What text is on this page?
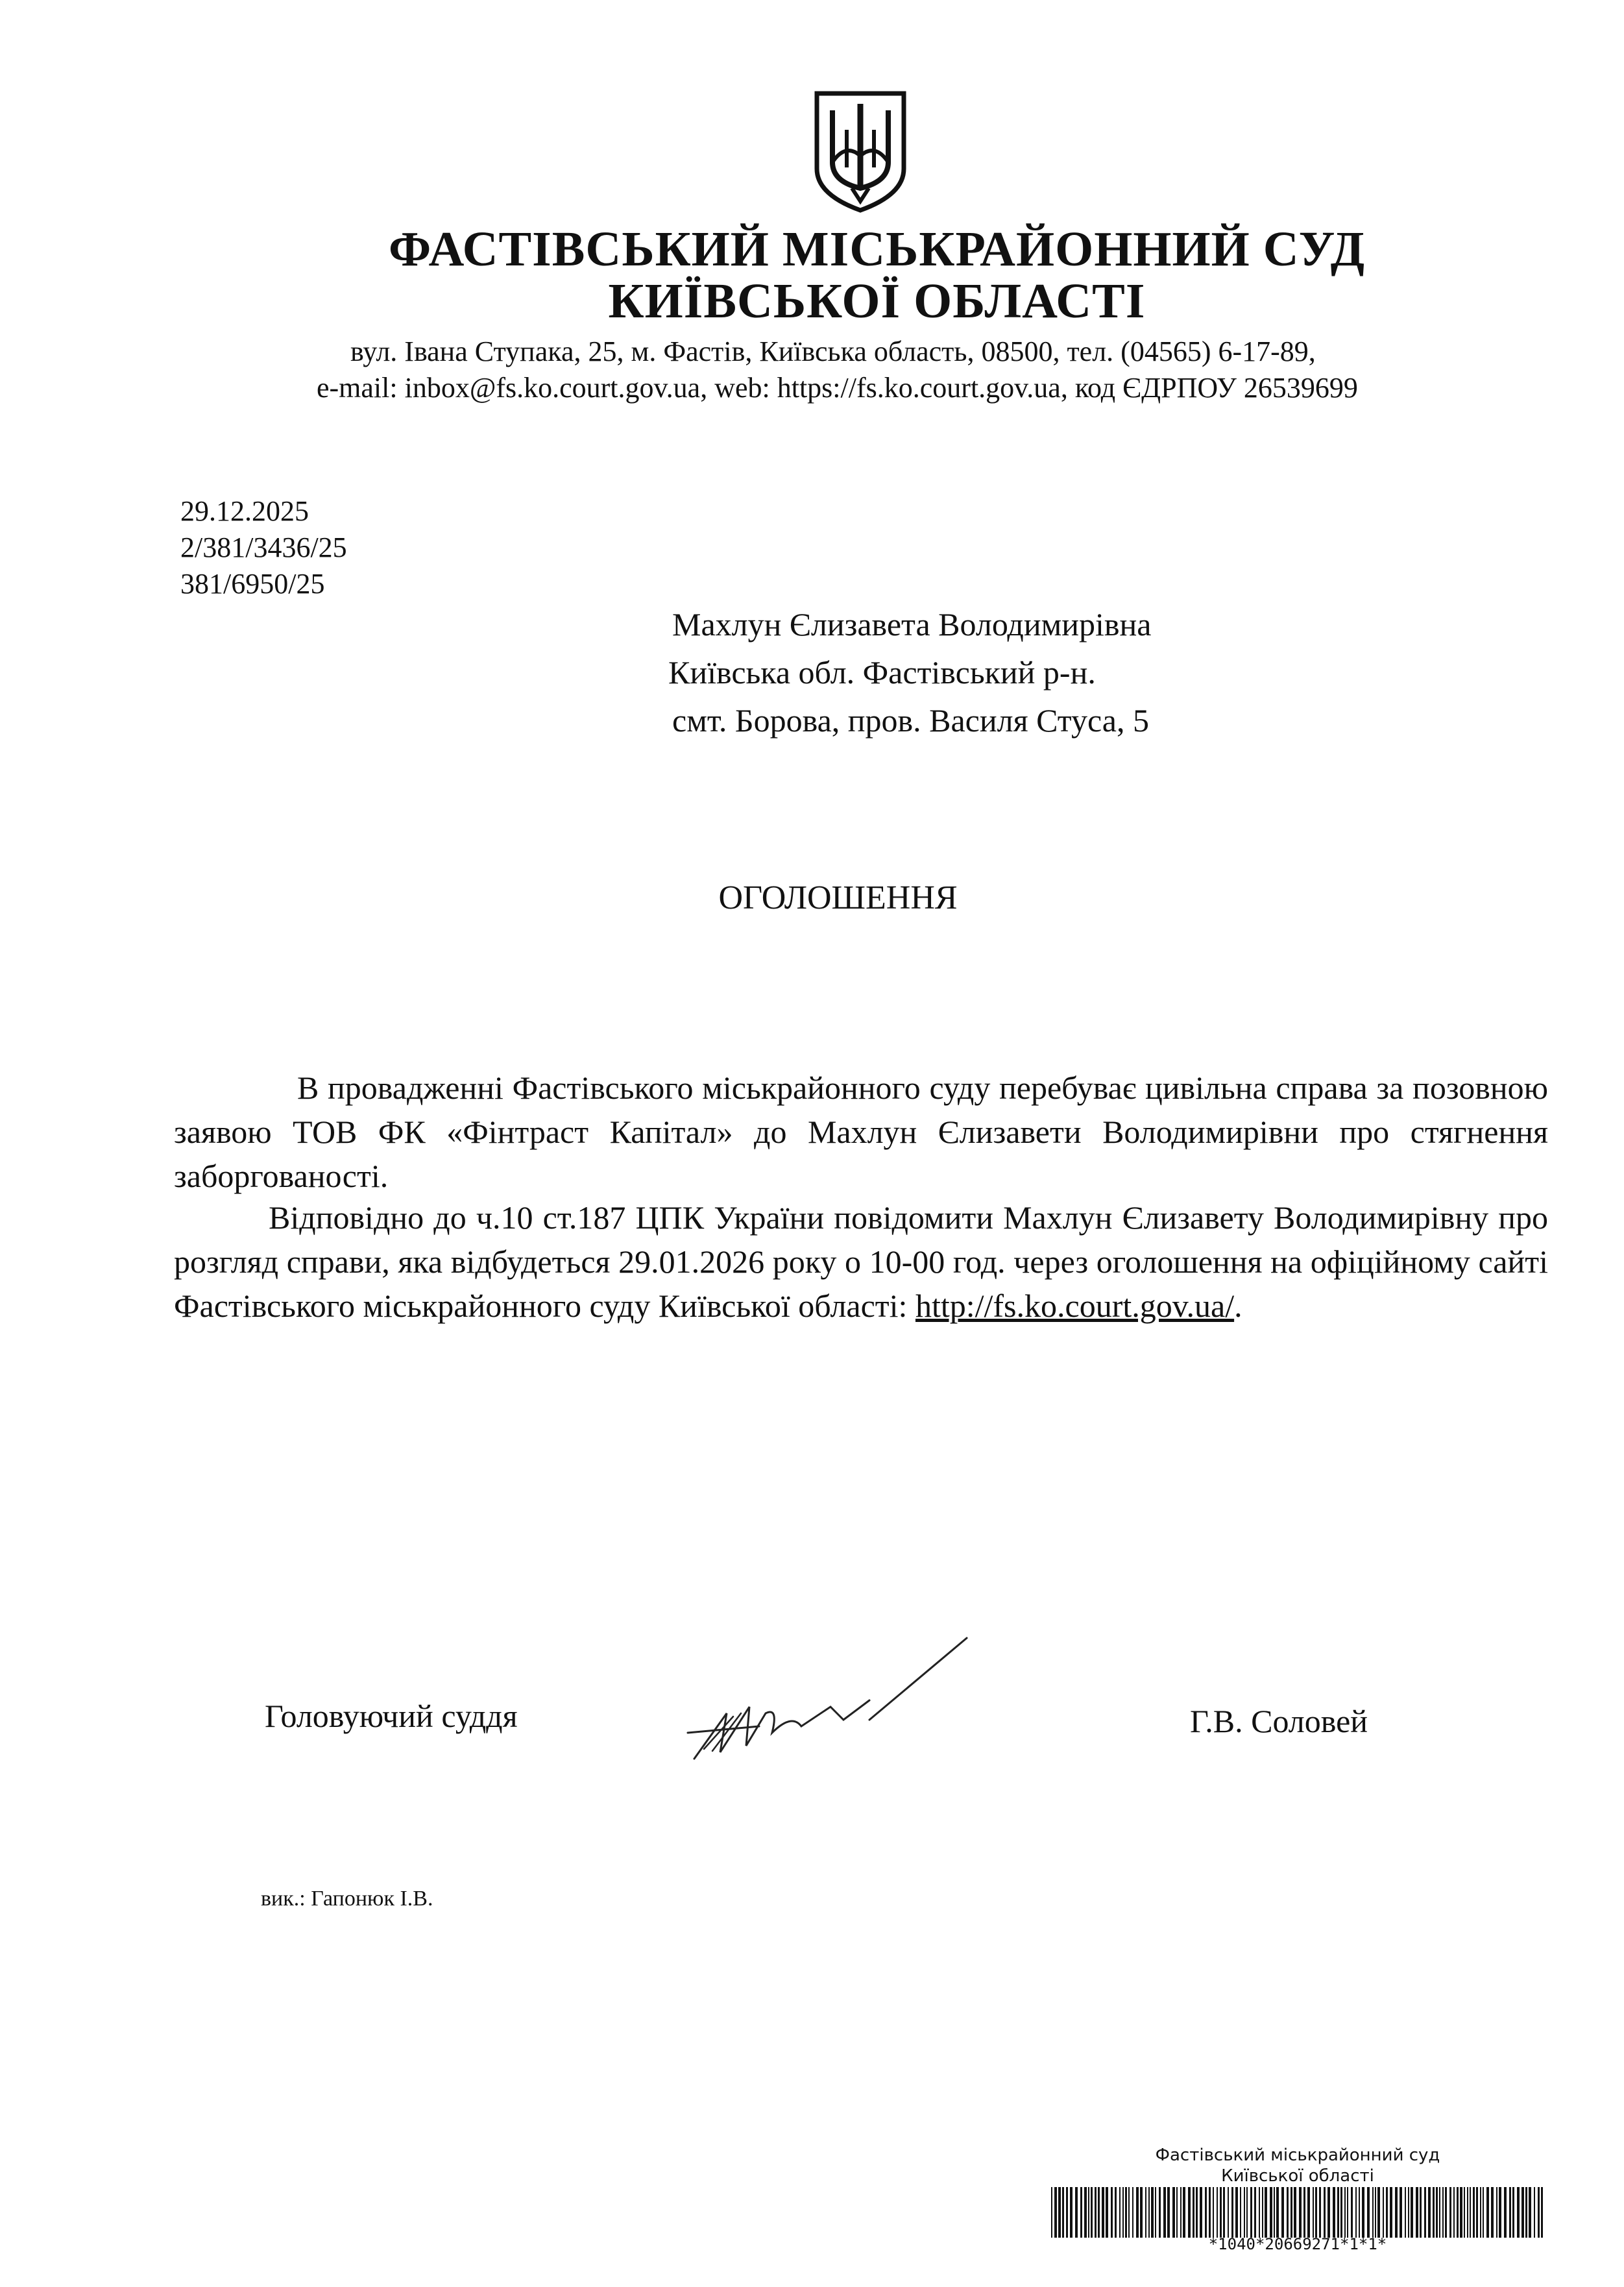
ФАСТІВСЬКИЙ МІСЬКРАЙОННИЙ СУД
КИЇВСЬКОЇ ОБЛАСТІ
вул. Івана Ступака, 25, м. Фастів, Київська область, 08500, тел. (04565) 6-17-89,
e-mail: inbox@fs.ko.court.gov.ua, web: https://fs.ko.court.gov.ua, код ЄДРПОУ 26539699
29.12.2025
2/381/3436/25
381/6950/25
Махлун Єлизавета Володимирівна
Київська обл. Фастівський р-н.
смт. Борова, пров. Василя Стуса, 5
ОГОЛОШЕННЯ
В провадженні Фастівського міськрайонного суду перебуває цивільна справа за позовною заявою ТОВ ФК «Фінтраст Капітал» до Махлун Єлизавети Володимирівни про стягнення заборгованості.
Відповідно до ч.10 ст.187 ЦПК України повідомити Махлун Єлизавету Володимирівну про розгляд справи, яка відбудеться 29.01.2026 року о 10-00 год. через оголошення на офіційному сайті Фастівського міськрайонного суду Київської області: http://fs.ko.court.gov.ua/.
Головуючий суддя	Г.В. Соловей
вик.: Гапонюк І.В.
Фастівський міськрайонний суд
Київської області
*1040*20669271*1*1*
